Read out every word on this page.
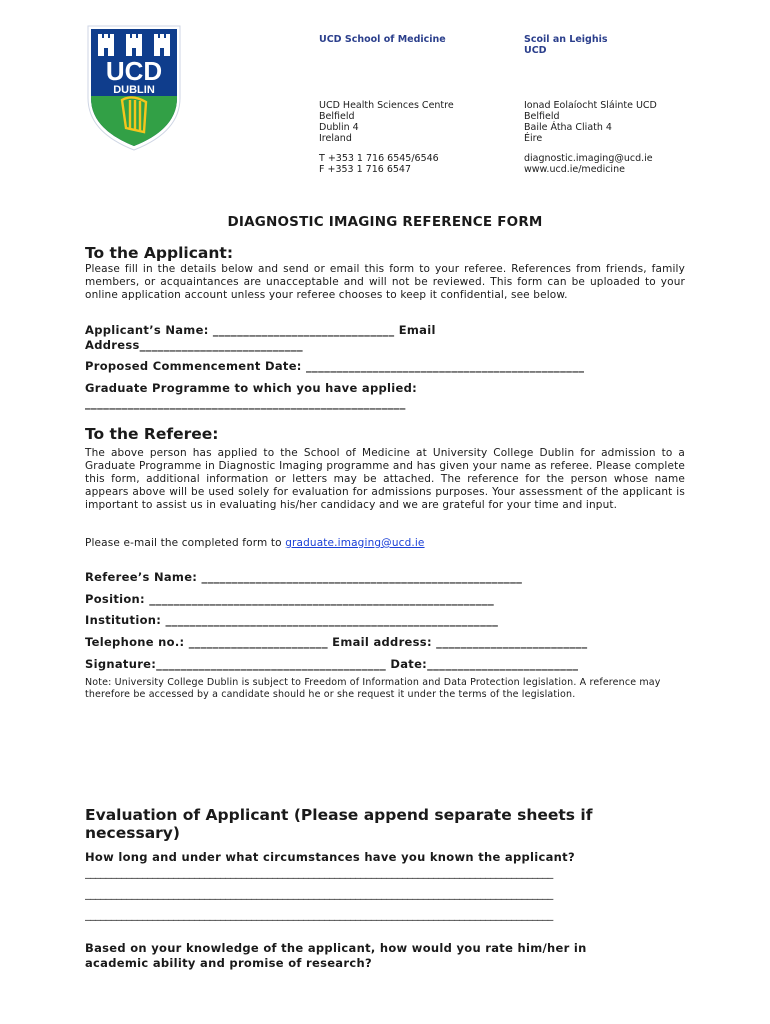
UCD
DUBLIN
UCD School of Medicine	Scoil an Leighis
UCD
UCD Health Sciences Centre
Belfield
Dublin 4
Ireland
Ionad Eolaíocht Sláinte UCD
Belfield
Baile Átha Cliath 4
Éire
T +353 1 716 6545/6546
F +353 1 716 6547
diagnostic.imaging@ucd.ie
www.ucd.ie/medicine
DIAGNOSTIC IMAGING REFERENCE FORM
To the Applicant:
Please fill in the details below and send or email this form to your referee. References from friends, family members, or acquaintances are unacceptable and will not be reviewed. This form can be uploaded to your online application account unless your referee chooses to keep it confidential, see below.
Applicant’s Name: ______________________________ Email
Address___________________________
Proposed Commencement Date: ______________________________________________
Graduate Programme to which you have applied:
_____________________________________________________
To the Referee:
The above person has applied to the School of Medicine at University College Dublin for admission to a Graduate Programme in Diagnostic Imaging programme and has given your name as referee. Please complete this form, additional information or letters may be attached. The reference for the person whose name appears above will be used solely for evaluation for admissions purposes. Your assessment of the applicant is important to assist us in evaluating his/her candidacy and we are grateful for your time and input.
Please e-mail the completed form to graduate.imaging@ucd.ie
Referee’s Name: _____________________________________________________
Position: _________________________________________________________
Institution: _______________________________________________________
Telephone no.: _______________________ Email address: _________________________
Signature:______________________________________ Date:_________________________
Note: University College Dublin is subject to Freedom of Information and Data Protection legislation. A reference may therefore be accessed by a candidate should he or she request it under the terms of the legislation.
Evaluation of Applicant (Please append separate sheets if necessary)
How long and under what circumstances have you known the applicant?
__________________________________________________________________________________________
__________________________________________________________________________________________
__________________________________________________________________________________________
Based on your knowledge of the applicant, how would you rate him/her in academic ability and promise of research?
